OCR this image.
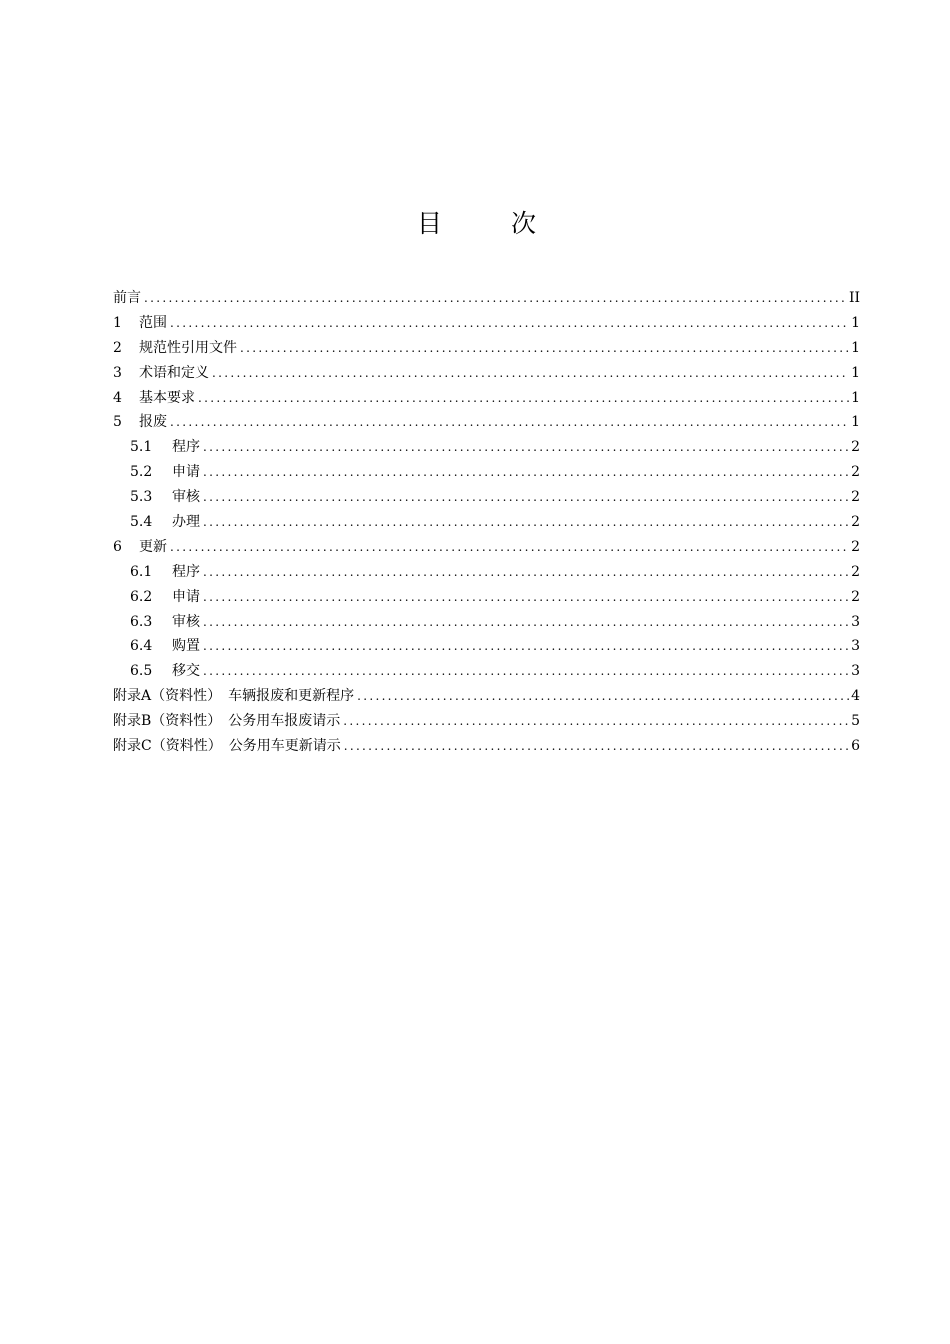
目　次
前言 .....	II
1	范围 .....	1
2	规范性引用文件 .....	1
3	术语和定义 .....	1
4	基本要求 .....	1
5	报废 .....	1
5.1	程序 .....	2
5.2	申请 .....	2
5.3	审核 .....	2
5.4	办理 .....	2
6	更新 .....	2
6.1	程序 .....	2
6.2	申请 .....	2
6.3	审核 .....	3
6.4	购置 .....	3
6.5	移交 .....	3
附录A（资料性）　车辆报废和更新程序 .....	4
附录B（资料性）　公务用车报废请示 .....	5
附录C（资料性）　公务用车更新请示 .....	6
